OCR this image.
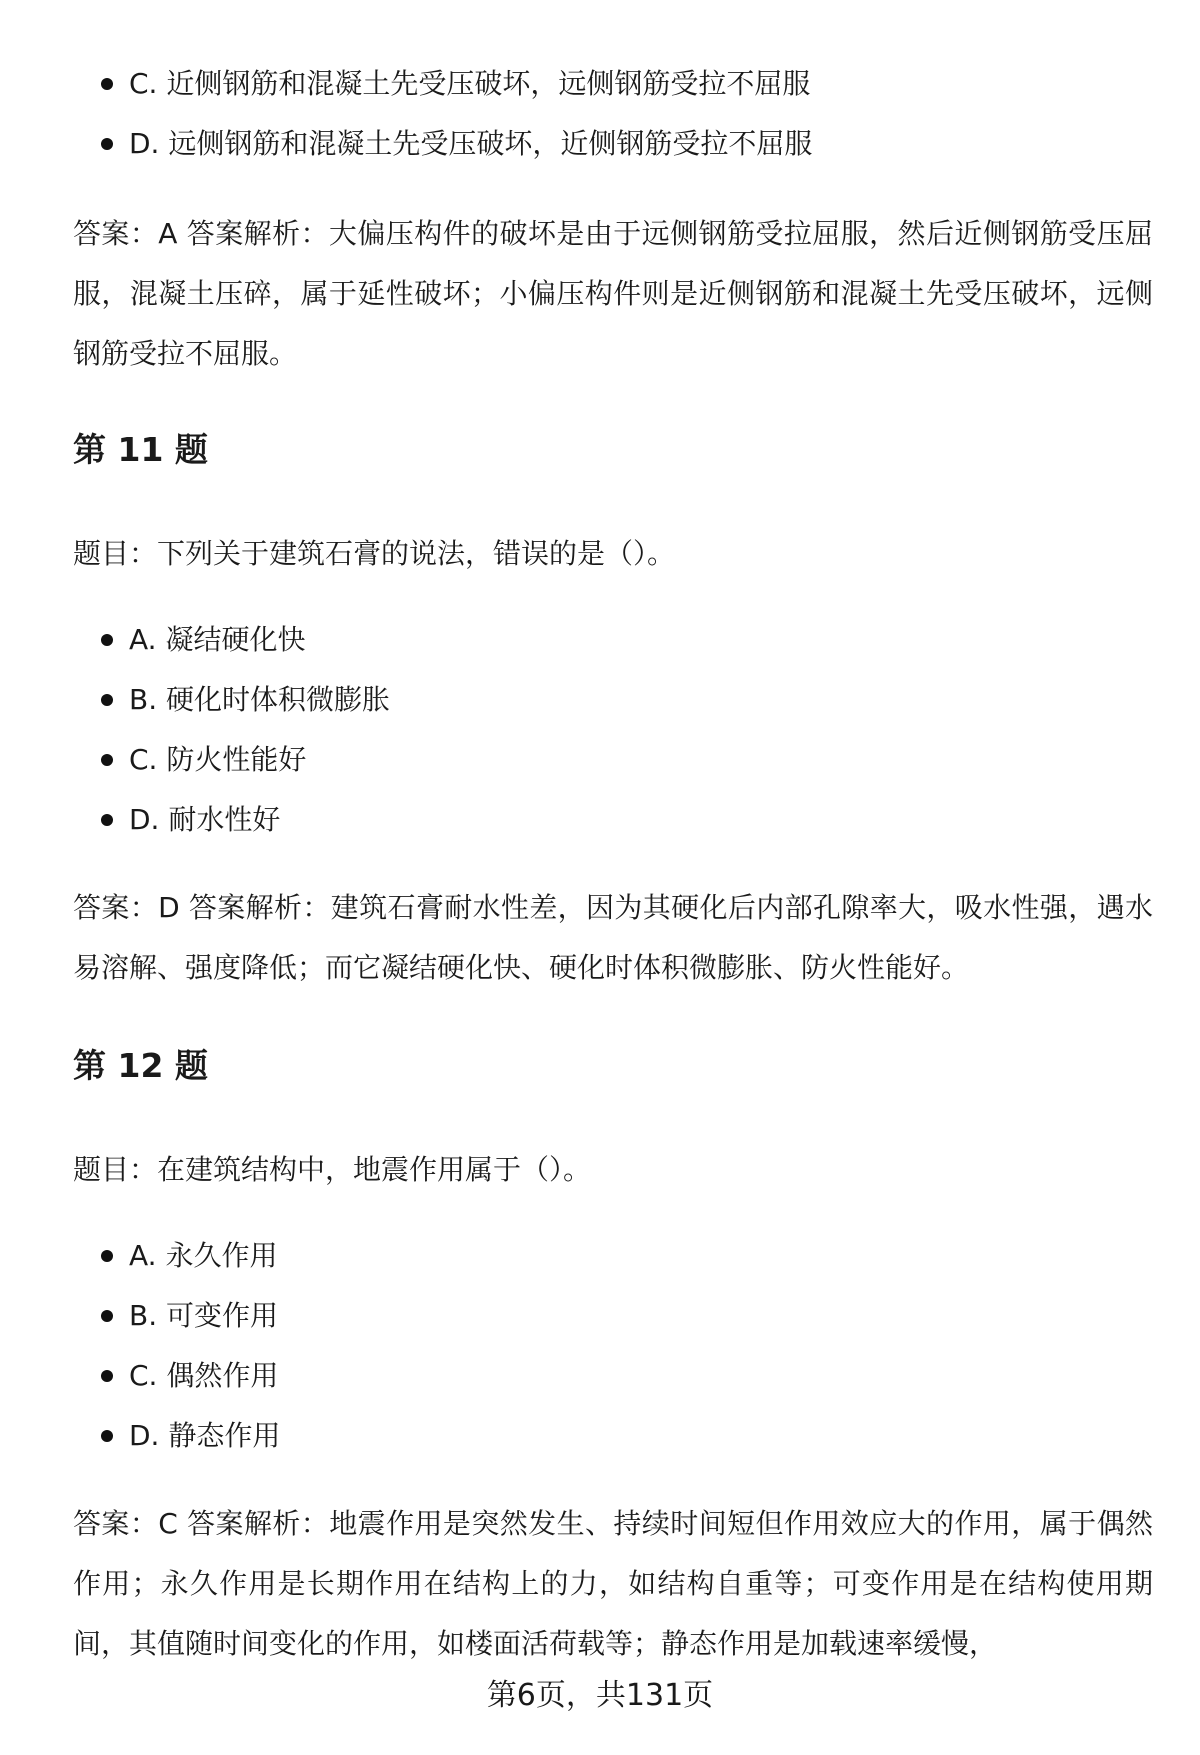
C. 近侧钢筋和混凝土先受压破坏，远侧钢筋受拉不屈服
D. 远侧钢筋和混凝土先受压破坏，近侧钢筋受拉不屈服

答案：A 答案解析：大偏压构件的破坏是由于远侧钢筋受拉屈服，然后近侧钢筋受压屈服，混凝土压碎，属于延性破坏；小偏压构件则是近侧钢筋和混凝土先受压破坏，远侧钢筋受拉不屈服。

第 11 题

题目：下列关于建筑石膏的说法，错误的是（）。

A. 凝结硬化快
B. 硬化时体积微膨胀
C. 防火性能好
D. 耐水性好

答案：D 答案解析：建筑石膏耐水性差，因为其硬化后内部孔隙率大，吸水性强，遇水易溶解、强度降低；而它凝结硬化快、硬化时体积微膨胀、防火性能好。

第 12 题

题目：在建筑结构中，地震作用属于（）。

A. 永久作用
B. 可变作用
C. 偶然作用
D. 静态作用

答案：C 答案解析：地震作用是突然发生、持续时间短但作用效应大的作用，属于偶然作用；永久作用是长期作用在结构上的力，如结构自重等；可变作用是在结构使用期间，其值随时间变化的作用，如楼面活荷载等；静态作用是加载速率缓慢，

第6页，共131页
